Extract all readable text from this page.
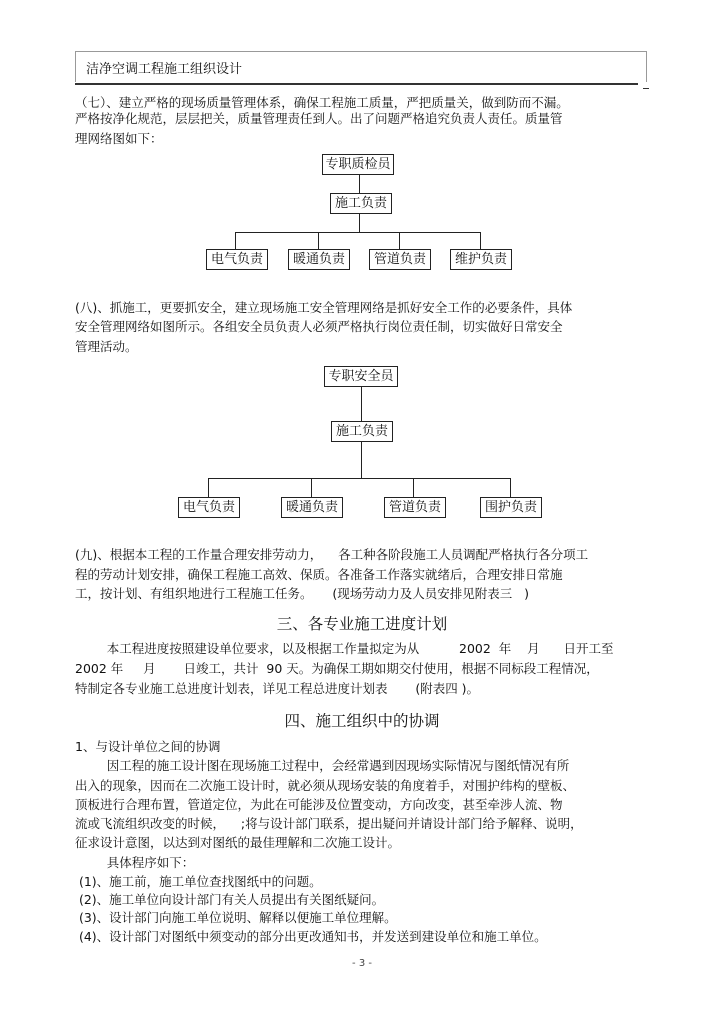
洁净空调工程施工组织设计
（七）、建立严格的现场质量管理体系，确保工程施工质量，严把质量关，做到防而不漏。
严格按净化规范，层层把关，质量管理责任到人。出了问题严格追究负责人责任。质量管
理网络图如下：
专职质检员
施工负责
电气负责	暖通负责	管道负责	维护负责
(八)、抓施工，更要抓安全，建立现场施工安全管理网络是抓好安全工作的必要条件，具体
安全管理网络如图所示。各组安全员负责人必须严格执行岗位责任制，切实做好日常安全
管理活动。
专职安全员
施工负责
电气负责	暖通负责	管道负责	围护负责
(九)、根据本工程的工作量合理安排劳动力，    各工种各阶段施工人员调配严格执行各分项工
程的劳动计划安排，确保工程施工高效、保质。各准备工作落实就绪后，合理安排日常施
工，按计划、有组织地进行工程施工任务。     (现场劳动力及人员安排见附表三   )
三、各专业施工进度计划
本工程进度按照建设单位要求，以及根据工作量拟定为从          2002  年    月      日开工至
2002 年     月       日竣工，共计  90 天。为确保工期如期交付使用，根据不同标段工程情况，
特制定各专业施工总进度计划表，详见工程总进度计划表       (附表四 )。
四、施工组织中的协调
1、与设计单位之间的协调
因工程的施工设计图在现场施工过程中，会经常遇到因现场实际情况与图纸情况有所
出入的现象，因而在二次施工设计时，就必须从现场安装的角度着手，对围护纬构的壁板、
顶板进行合理布置，管道定位，为此在可能涉及位置变动，方向改变，甚至牵涉人流、物
流或飞流组织改变的时候，    ;将与设计部门联系，提出疑问并请设计部门给予解释、说明，
征求设计意图，以达到对图纸的最佳理解和二次施工设计。
具体程序如下：
(1)、施工前，施工单位查找图纸中的问题。
(2)、施工单位向设计部门有关人员提出有关图纸疑问。
(3)、设计部门向施工单位说明、解释以便施工单位理解。
(4)、设计部门对图纸中须变动的部分出更改通知书，并发送到建设单位和施工单位。
- 3 -
